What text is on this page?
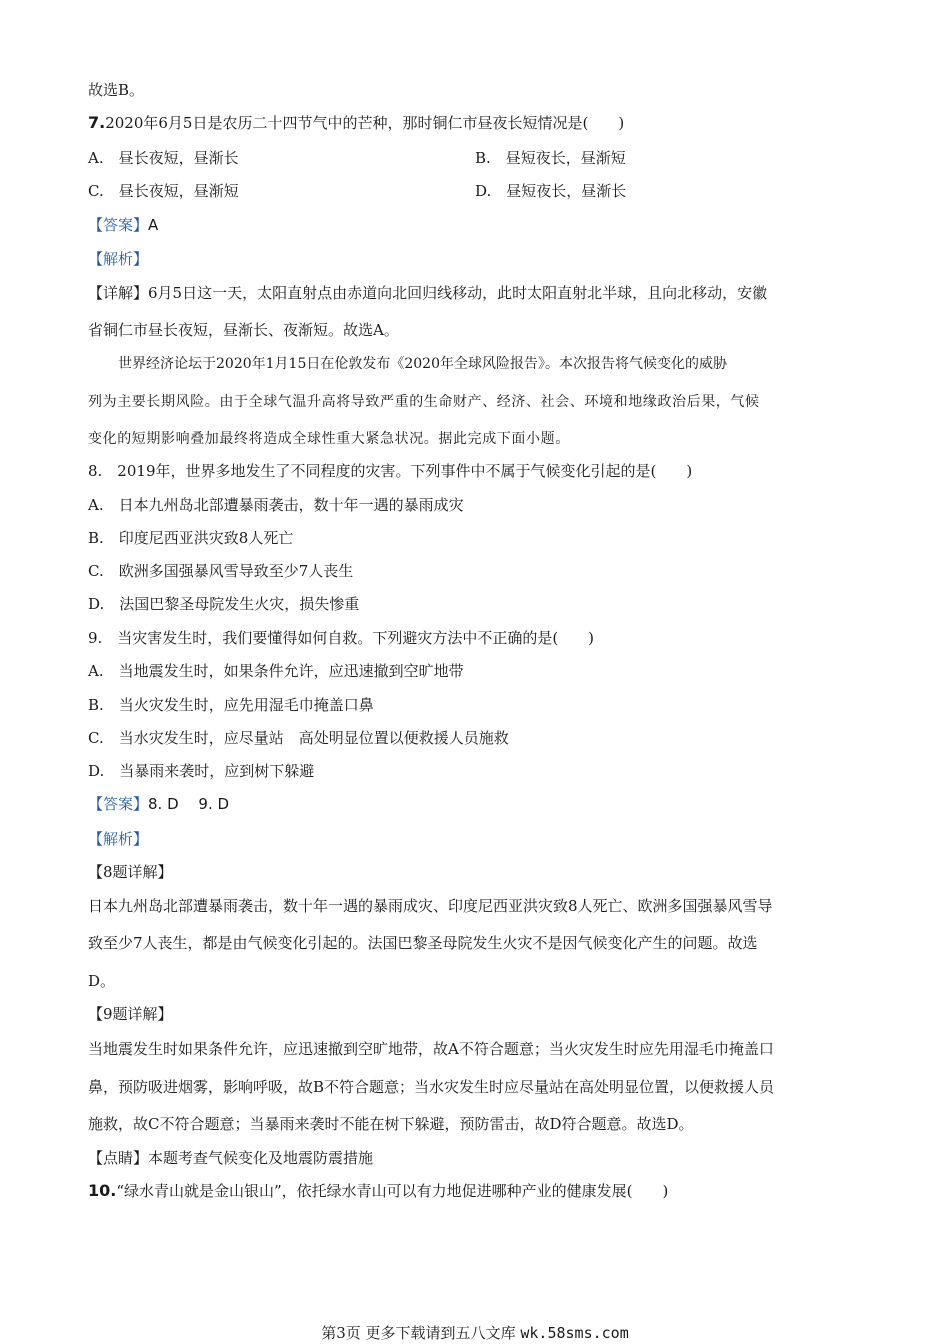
故选B。
7.2020年6月5日是农历二十四节气中的芒种，那时铜仁市昼夜长短情况是(　　)
A.　昼长夜短，昼渐长	B.　昼短夜长，昼渐短
C.　昼长夜短，昼渐短	D.　昼短夜长，昼渐长
【答案】A
【解析】
【详解】6月5日这一天，太阳直射点由赤道向北回归线移动，此时太阳直射北半球，且向北移动，安徽
省铜仁市昼长夜短，昼渐长、夜渐短。故选A。
世界经济论坛于2020年1月15日在伦敦发布《2020年全球风险报告》。本次报告将气候变化的威胁
列为主要长期风险。由于全球气温升高将导致严重的生命财产、经济、社会、环境和地缘政治后果，气候
变化的短期影响叠加最终将造成全球性重大紧急状况。据此完成下面小题。
8.　2019年，世界多地发生了不同程度的灾害。下列事件中不属于气候变化引起的是(　　)
A.　日本九州岛北部遭暴雨袭击，数十年一遇的暴雨成灾
B.　印度尼西亚洪灾致8人死亡
C.　欧洲多国强暴风雪导致至少7人丧生
D.　法国巴黎圣母院发生火灾，损失惨重
9.　当灾害发生时，我们要懂得如何自救。下列避灾方法中不正确的是(　　)
A.　当地震发生时，如果条件允许，应迅速撤到空旷地带
B.　当火灾发生时，应先用湿毛巾掩盖口鼻
C.　当水灾发生时，应尽量站　高处明显位置以便救援人员施救
D.　当暴雨来袭时，应到树下躲避
【答案】8. D　 9. D
【解析】
【8题详解】
日本九州岛北部遭暴雨袭击，数十年一遇的暴雨成灾、印度尼西亚洪灾致8人死亡、欧洲多国强暴风雪导
致至少7人丧生，都是由气候变化引起的。法国巴黎圣母院发生火灾不是因气候变化产生的问题。故选
D。
【9题详解】
当地震发生时如果条件允许，应迅速撤到空旷地带，故A不符合题意；当火灾发生时应先用湿毛巾掩盖口
鼻，预防吸进烟雾，影响呼吸，故B不符合题意；当水灾发生时应尽量站在高处明显位置，以便救援人员
施救，故C不符合题意；当暴雨来袭时不能在树下躲避，预防雷击，故D符合题意。故选D。
【点睛】本题考查气候变化及地震防震措施
10.“绿水青山就是金山银山”，依托绿水青山可以有力地促进哪种产业的健康发展(　　)
第3页 更多下载请到五八文库 wk.58sms.com
